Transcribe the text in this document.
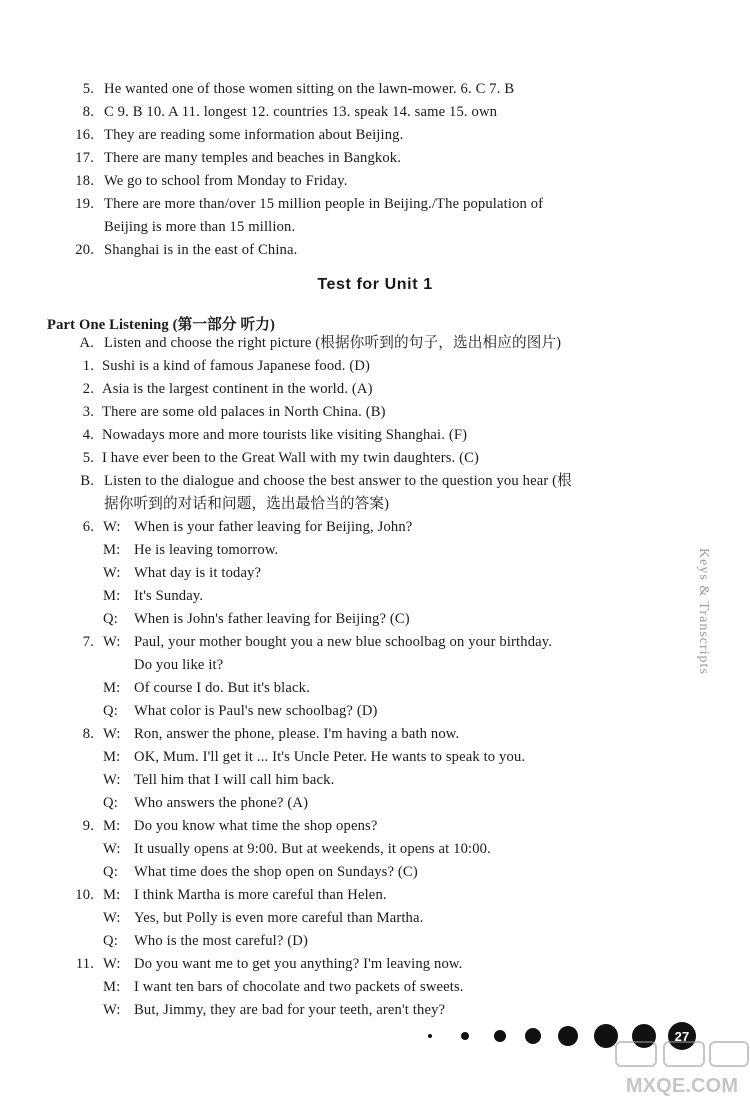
5. He wanted one of those women sitting on the lawn-mower. 6. C 7. B
8. C 9. B 10. A 11. longest 12. countries 13. speak 14. same 15. own
16. They are reading some information about Beijing.
17. There are many temples and beaches in Bangkok.
18. We go to school from Monday to Friday.
19. There are more than/over 15 million people in Beijing./The population of
Beijing is more than 15 million.
20. Shanghai is in the east of China.
Test for Unit 1
Part One Listening (第一部分 听力)
A. Listen and choose the right picture (根据你听到的句子，选出相应的图片)
1. Sushi is a kind of famous Japanese food. (D)
2. Asia is the largest continent in the world. (A)
3. There are some old palaces in North China. (B)
4. Nowadays more and more tourists like visiting Shanghai. (F)
5. I have ever been to the Great Wall with my twin daughters. (C)
B. Listen to the dialogue and choose the best answer to the question you hear (根
据你听到的对话和问题，选出最恰当的答案)
6. W: When is your father leaving for Beijing, John?
M: He is leaving tomorrow.
W: What day is it today?
M: It's Sunday.
Q: When is John's father leaving for Beijing? (C)
7. W: Paul, your mother bought you a new blue schoolbag on your birthday.
Do you like it?
M: Of course I do. But it's black.
Q: What color is Paul's new schoolbag? (D)
8. W: Ron, answer the phone, please. I'm having a bath now.
M: OK, Mum. I'll get it ... It's Uncle Peter. He wants to speak to you.
W: Tell him that I will call him back.
Q: Who answers the phone? (A)
9. M: Do you know what time the shop opens?
W: It usually opens at 9:00. But at weekends, it opens at 10:00.
Q: What time does the shop open on Sundays? (C)
10. M: I think Martha is more careful than Helen.
W: Yes, but Polly is even more careful than Martha.
Q: Who is the most careful? (D)
11. W: Do you want me to get you anything? I'm leaving now.
M: I want ten bars of chocolate and two packets of sweets.
W: But, Jimmy, they are bad for your teeth, aren't they?
Keys & Transcripts
27
MXQE.COM
